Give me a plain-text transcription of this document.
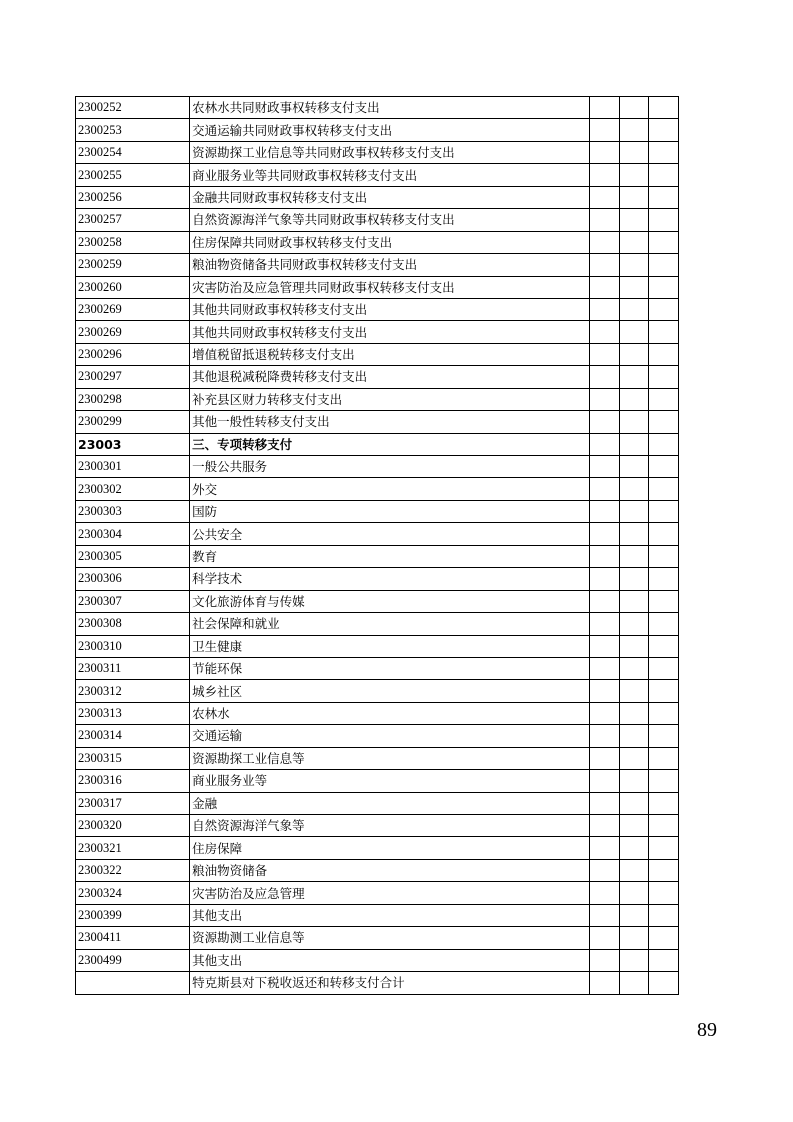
2300252	农林水共同财政事权转移支付支出			
2300253	交通运输共同财政事权转移支付支出			
2300254	资源勘探工业信息等共同财政事权转移支付支出			
2300255	商业服务业等共同财政事权转移支付支出			
2300256	金融共同财政事权转移支付支出			
2300257	自然资源海洋气象等共同财政事权转移支付支出			
2300258	住房保障共同财政事权转移支付支出			
2300259	粮油物资储备共同财政事权转移支付支出			
2300260	灾害防治及应急管理共同财政事权转移支付支出			
2300269	其他共同财政事权转移支付支出			
2300269	其他共同财政事权转移支付支出			
2300296	增值税留抵退税转移支付支出			
2300297	其他退税减税降费转移支付支出			
2300298	补充县区财力转移支付支出			
2300299	其他一般性转移支付支出			
23003	三、专项转移支付			
2300301	一般公共服务			
2300302	外交			
2300303	国防			
2300304	公共安全			
2300305	教育			
2300306	科学技术			
2300307	文化旅游体育与传媒			
2300308	社会保障和就业			
2300310	卫生健康			
2300311	节能环保			
2300312	城乡社区			
2300313	农林水			
2300314	交通运输			
2300315	资源勘探工业信息等			
2300316	商业服务业等			
2300317	金融			
2300320	自然资源海洋气象等			
2300321	住房保障			
2300322	粮油物资储备			
2300324	灾害防治及应急管理			
2300399	其他支出			
2300411	资源勘测工业信息等			
2300499	其他支出			
	特克斯县对下税收返还和转移支付合计			
89
